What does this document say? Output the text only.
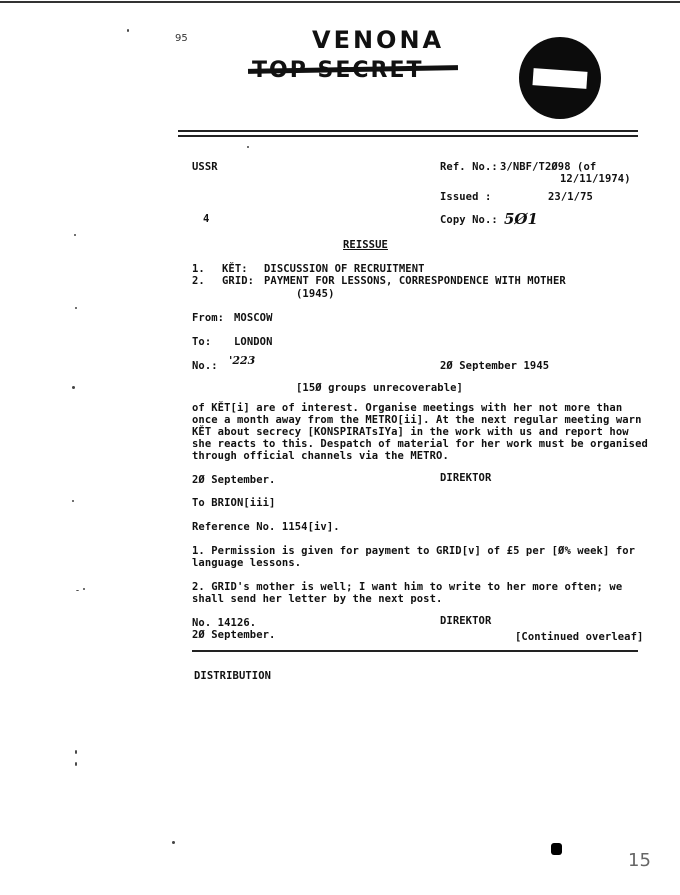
95	VENONA
USSR	Ref. No.: 3/NBF/T2Ø98 (of
12/11/1974)
Issued :	23/1/75
4	Copy No.: 5Ø1
REISSUE
1. KĔT: DISCUSSION OF RECRUITMENT
2. GRID: PAYMENT FOR LESSONS, CORRESPONDENCE WITH MOTHER
(1945)
From: MOSCOW
To: LONDON
No.: '223	2Ø September 1945
[15Ø groups unrecoverable]
of KĔT[i] are of interest. Organise meetings with her not more than
once a month away from the METRO[ii]. At the next regular meeting warn
KĔT about secrecy [KONSPIRATsIYa] in the work with us and report how
she reacts to this. Despatch of material for her work must be organised
through official channels via the METRO.
2Ø September.	DIREKTOR
To BRION[iii]
Reference No. 1154[iv].
1. Permission is given for payment to GRID[v] of £5 per [Ø% week] for
language lessons.
2. GRID's mother is well; I want him to write to her more often; we
shall send her letter by the next post.
No. 14126.	DIREKTOR
2Ø September.	[Continued overleaf]
DISTRIBUTION
15
